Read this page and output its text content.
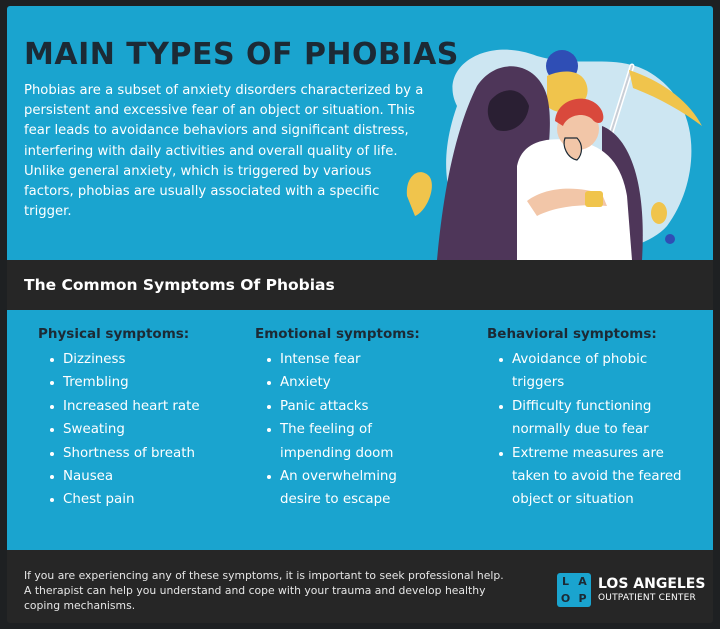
MAIN TYPES OF PHOBIAS

Phobias are a subset of anxiety disorders characterized by a persistent and excessive fear of an object or situation. This fear leads to avoidance behaviors and significant distress, interfering with daily activities and overall quality of life. Unlike general anxiety, which is triggered by various factors, phobias are usually associated with a specific trigger.

The Common Symptoms Of Phobias
Physical symptoms:
Dizziness
Trembling
Increased heart rate
Sweating
Shortness of breath
Nausea
Chest pain
Emotional symptoms:
Intense fear
Anxiety
Panic attacks
The feeling of impending doom
An overwhelming desire to escape
Behavioral symptoms:
Avoidance of phobic triggers
Difficulty functioning normally due to fear
Extreme measures are taken to avoid the feared object or situation

If you are experiencing any of these symptoms, it is important to seek professional help. A therapist can help you understand and cope with your trauma and develop healthy coping mechanisms.

L A
O P
LOS ANGELES
OUTPATIENT CENTER
